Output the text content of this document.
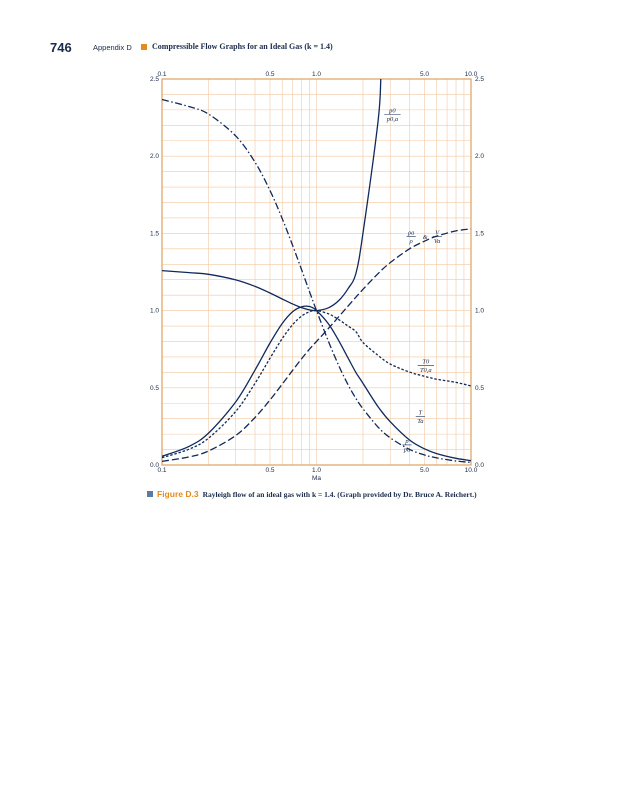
746	Appendix D	Compressible Flow Graphs for an Ideal Gas (k = 1.4)
0.1
0.1
0.5
0.5
1.0
1.0
5.0
5.0
10.0
10.0
0.0	0.0
0.5	0.5
1.0	1.0
1.5	1.5
2.0	2.0
2.5	2.5
p0
p0,a
ρa
ρ
&
V
Va
T0
T0,a
T
Ta
p
pa
Ma
Figure D.3 Rayleigh flow of an ideal gas with k = 1.4. (Graph provided by Dr. Bruce A. Reichert.)
